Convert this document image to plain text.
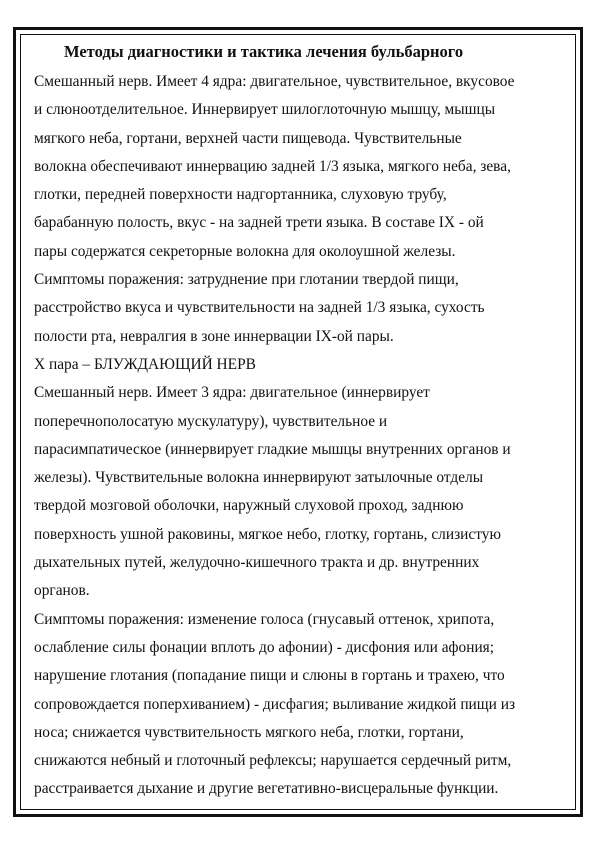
Методы диагностики и тактика лечения бульбарного
Смешанный нерв. Имеет 4 ядра: двигательное, чувствительное, вкусовое
и слюноотделительное. Иннервирует шилоглоточную мышцу, мышцы
мягкого неба, гортани, верхней части пищевода. Чувствительные
волокна обеспечивают иннервацию задней 1/3 языка, мягкого неба, зева,
глотки, передней поверхности надгортанника, слуховую трубу,
барабанную полость, вкус - на задней трети языка. В составе IX - ой
пары содержатся секреторные волокна для околоушной железы.
Симптомы поражения: затруднение при глотании твердой пищи,
расстройство вкуса и чувствительности на задней 1/3 языка, сухость
полости рта, невралгия в зоне иннервации IX-ой пары.
X пара – БЛУЖДАЮЩИЙ НЕРВ
Смешанный нерв. Имеет 3 ядра: двигательное (иннервирует
поперечнополосатую мускулатуру), чувствительное и
парасимпатическое (иннервирует гладкие мышцы внутренних органов и
железы). Чувствительные волокна иннервируют затылочные отделы
твердой мозговой оболочки, наружный слуховой проход, заднюю
поверхность ушной раковины, мягкое небо, глотку, гортань, слизистую
дыхательных путей, желудочно-кишечного тракта и др. внутренних
органов.
Симптомы поражения: изменение голоса (гнусавый оттенок, хрипота,
ослабление силы фонации вплоть до афонии) - дисфония или афония;
нарушение глотания (попадание пищи и слюны в гортань и трахею, что
сопровождается поперхиванием) - дисфагия; выливание жидкой пищи из
носа; снижается чувствительность мягкого неба, глотки, гортани,
снижаются небный и глоточный рефлексы; нарушается сердечный ритм,
расстраивается дыхание и другие вегетативно-висцеральные функции.
